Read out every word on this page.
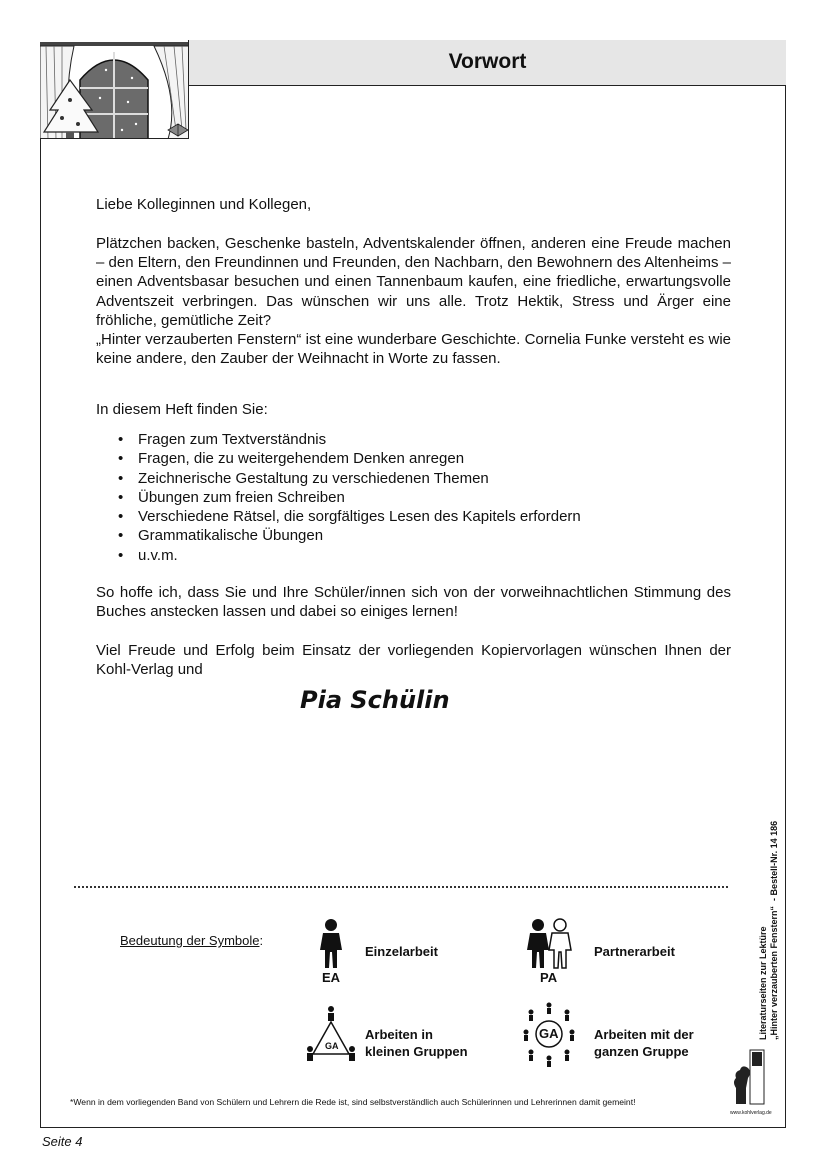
Vorwort
Liebe Kolleginnen und Kollegen,
Plätzchen backen, Geschenke basteln, Adventskalender öffnen, anderen eine Freude machen – den Eltern, den Freundinnen und Freunden, den Nachbarn, den Bewohnern des Altenheims – einen Adventsbasar besuchen und einen Tannenbaum kaufen, eine friedliche, erwartungsvolle Adventszeit verbringen. Das wünschen wir uns alle. Trotz Hektik, Stress und Ärger eine fröhliche, gemütliche Zeit?
„Hinter verzauberten Fenstern“ ist eine wunderbare Geschichte. Cornelia Funke versteht es wie keine andere, den Zauber der Weihnacht in Worte zu fassen.
In diesem Heft finden Sie:
• Fragen zum Textverständnis
• Fragen, die zu weitergehendem Denken anregen
• Zeichnerische Gestaltung zu verschiedenen Themen
• Übungen zum freien Schreiben
• Verschiedene Rätsel, die sorgfältiges Lesen des Kapitels erfordern
• Grammatikalische Übungen
• u.v.m.
So hoffe ich, dass Sie und Ihre Schüler/innen sich von der vorweihnachtlichen Stimmung des Buches anstecken lassen und dabei so einiges lernen!
Viel Freude und Erfolg beim Einsatz der vorliegenden Kopiervorlagen wünschen Ihnen der Kohl-Verlag und
Pia Schülin
Bedeutung der Symbole:
EA
Einzelarbeit
PA
Partnerarbeit
GA
Arbeiten in
kleinen Gruppen
GA	Arbeiten mit der
ganzen Gruppe
*Wenn in dem vorliegenden Band von Schülern und Lehrern die Rede ist, sind selbstverständlich auch Schülerinnen und Lehrerinnen damit gemeint!
Literaturseiten zur Lektüre „Hinter verzauberten Fenstern“  - Bestell-Nr. 14 186
www.kohlverlag.de
Seite 4
